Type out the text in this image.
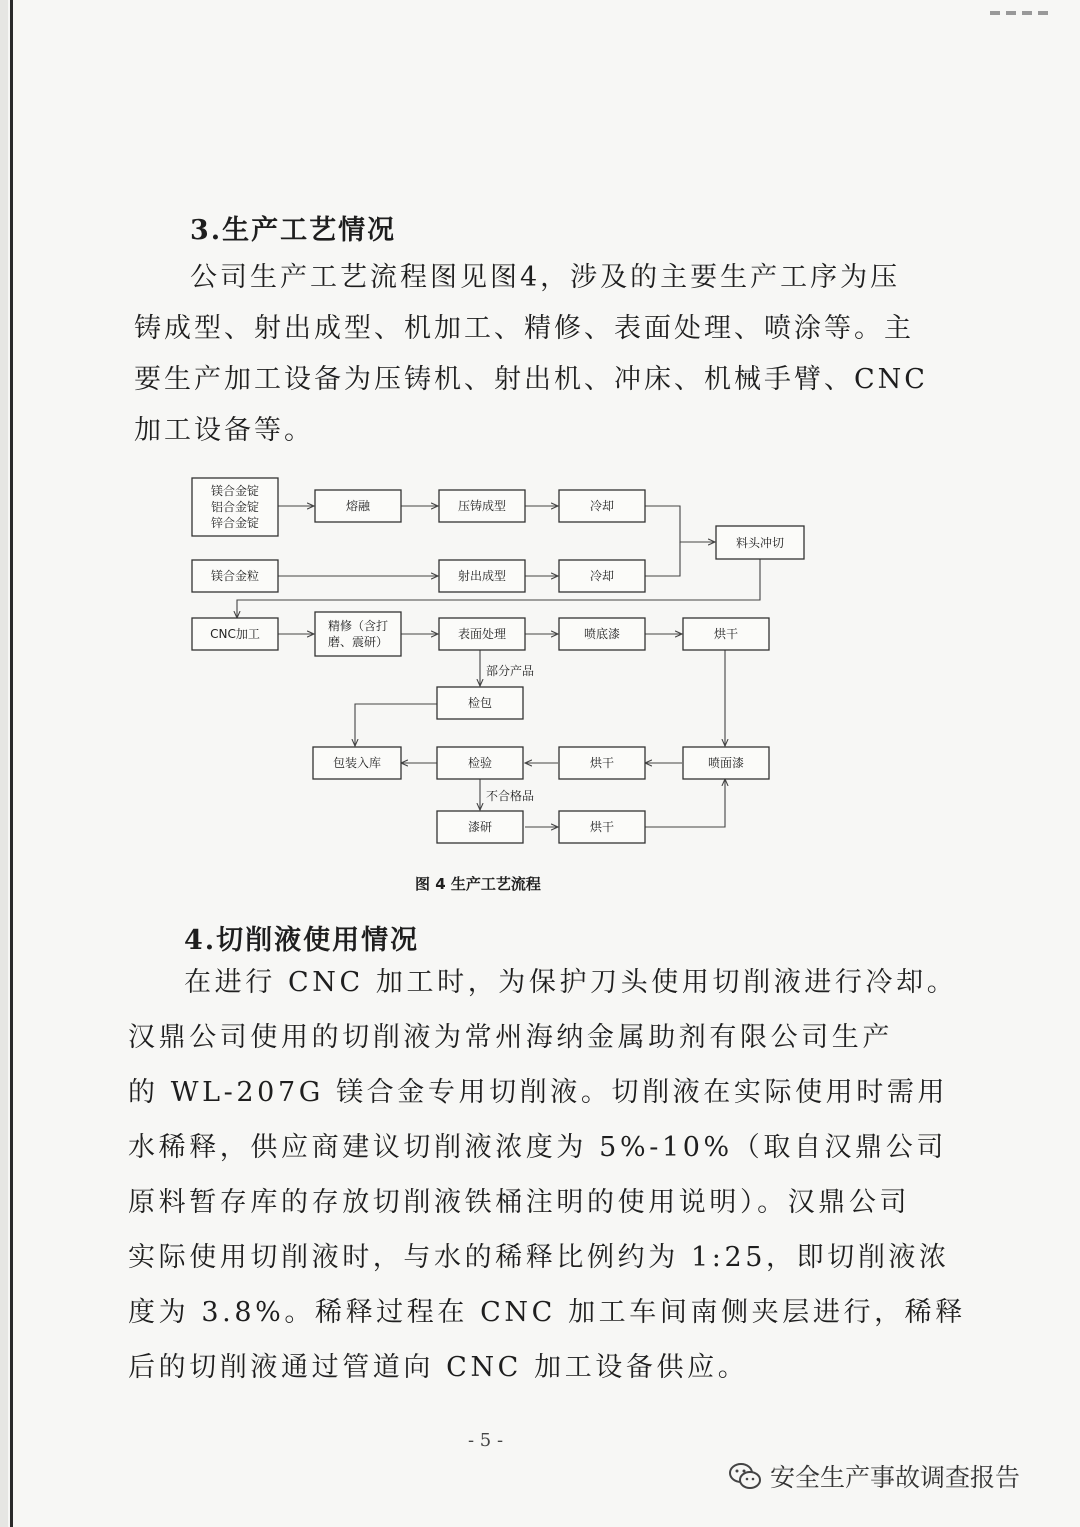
3.生产工艺情况
公司生产工艺流程图见图4，涉及的主要生产工序为压
铸成型、射出成型、机加工、精修、表面处理、喷涂等。主
要生产加工设备为压铸机、射出机、冲床、机械手臂、CNC
加工设备等。
镁合金锭
铝合金锭
锌合金锭
熔融	压铸成型	冷却
料头冲切
镁合金粒	射出成型	冷却
CNC加工
精修（含打
磨、震研）
表面处理	喷底漆	烘干
部分产品
检包
包装入库	检验	烘干	喷面漆
不合格品
漆研	烘干
图 4 生产工艺流程
4.切削液使用情况
在进行 CNC 加工时，为保护刀头使用切削液进行冷却。
汉鼎公司使用的切削液为常州海纳金属助剂有限公司生产
的 WL-207G 镁合金专用切削液。切削液在实际使用时需用
水稀释，供应商建议切削液浓度为 5%-10%（取自汉鼎公司
原料暂存库的存放切削液铁桶注明的使用说明）。汉鼎公司
实际使用切削液时，与水的稀释比例约为 1:25，即切削液浓
度为 3.8%。稀释过程在 CNC 加工车间南侧夹层进行，稀释
后的切削液通过管道向 CNC 加工设备供应。
- 5 -
安全生产事故调查报告
